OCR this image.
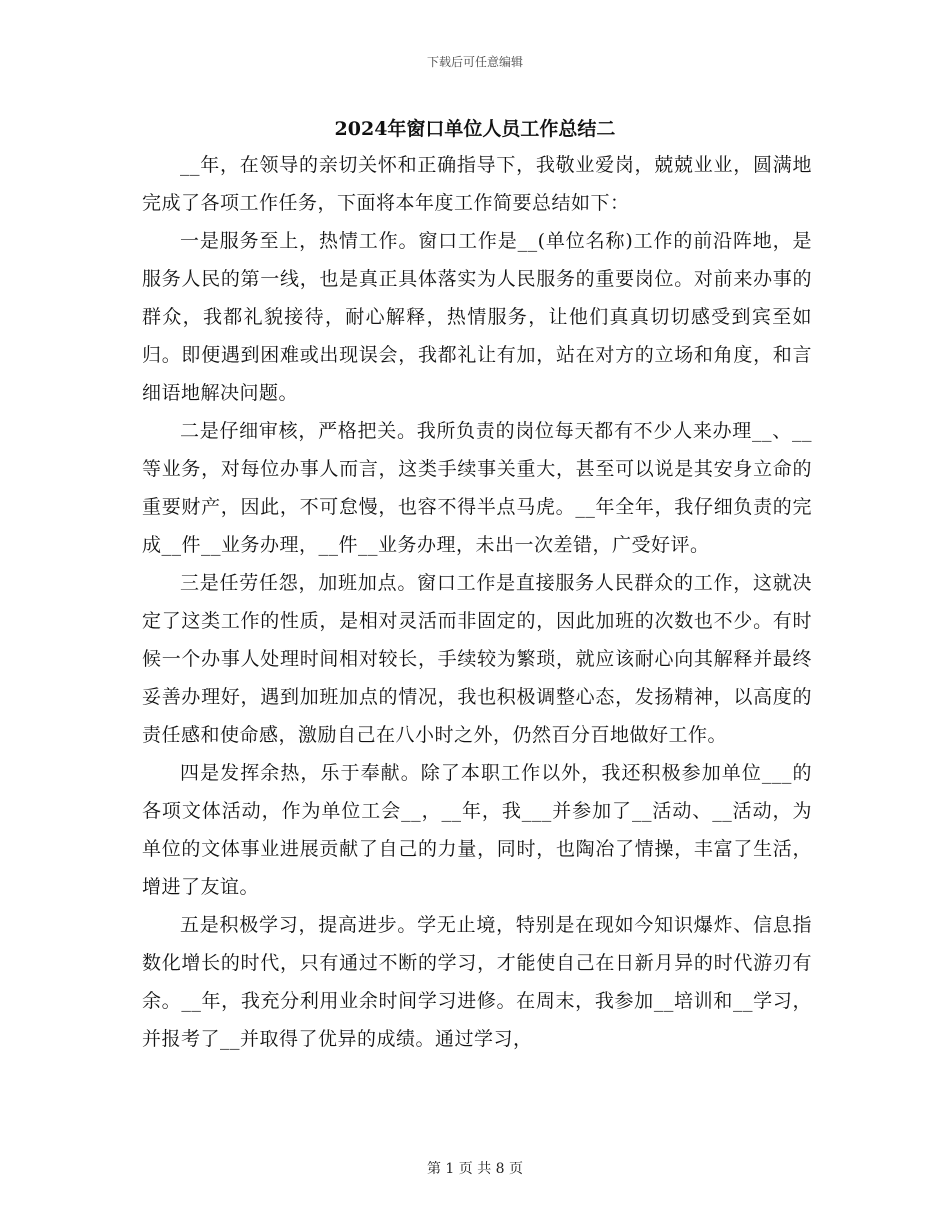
下载后可任意编辑
2024年窗口单位人员工作总结二

__年，在领导的亲切关怀和正确指导下，我敬业爱岗，兢兢业业，圆满地完成了各项工作任务，下面将本年度工作简要总结如下：

一是服务至上，热情工作。窗口工作是__(单位名称)工作的前沿阵地，是服务人民的第一线，也是真正具体落实为人民服务的重要岗位。对前来办事的群众，我都礼貌接待，耐心解释，热情服务，让他们真真切切感受到宾至如归。即便遇到困难或出现误会，我都礼让有加，站在对方的立场和角度，和言细语地解决问题。

二是仔细审核，严格把关。我所负责的岗位每天都有不少人来办理__、__等业务，对每位办事人而言，这类手续事关重大，甚至可以说是其安身立命的重要财产，因此，不可怠慢，也容不得半点马虎。__年全年，我仔细负责的完成__件__业务办理，__件__业务办理，未出一次差错，广受好评。

三是任劳任怨，加班加点。窗口工作是直接服务人民群众的工作，这就决定了这类工作的性质，是相对灵活而非固定的，因此加班的次数也不少。有时候一个办事人处理时间相对较长，手续较为繁琐，就应该耐心向其解释并最终妥善办理好，遇到加班加点的情况，我也积极调整心态，发扬精神，以高度的责任感和使命感，激励自己在八小时之外，仍然百分百地做好工作。

四是发挥余热，乐于奉献。除了本职工作以外，我还积极参加单位___的各项文体活动，作为单位工会__，__年，我___并参加了__活动、__活动，为单位的文体事业进展贡献了自己的力量，同时，也陶冶了情操，丰富了生活，增进了友谊。

五是积极学习，提高进步。学无止境，特别是在现如今知识爆炸、信息指数化增长的时代，只有通过不断的学习，才能使自己在日新月异的时代游刃有余。__年，我充分利用业余时间学习进修。在周末，我参加__培训和__学习，并报考了__并取得了优异的成绩。通过学习，

第 1 页 共 8 页
